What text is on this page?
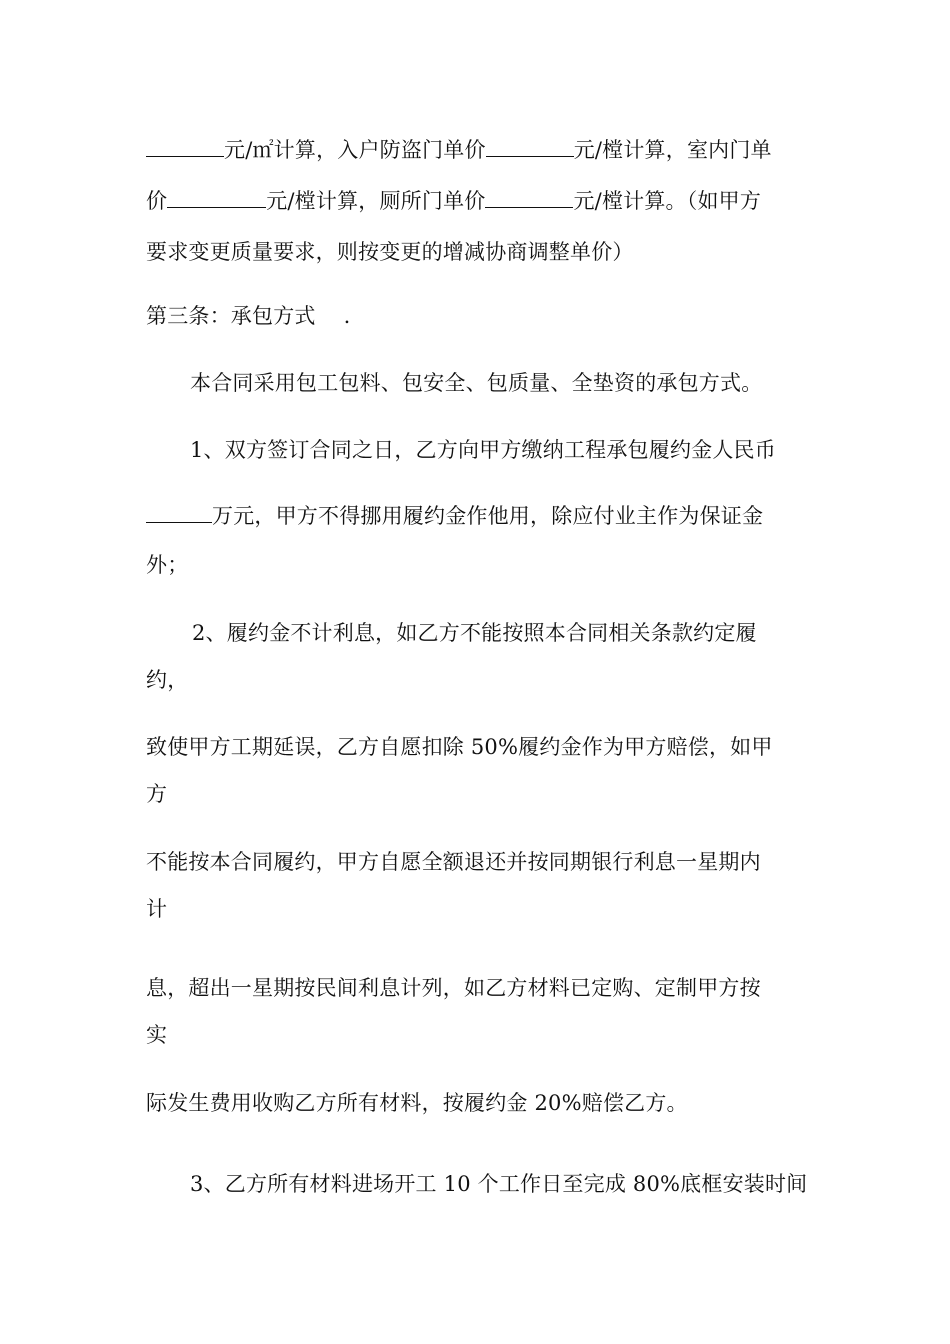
元/㎡计算，入户防盗门单价	元/樘计算，室内门单
价	元/樘计算，厕所门单价	元/樘计算。（如甲方
要求变更质量要求，则按变更的增减协商调整单价）
第三条：承包方式　 .
本合同采用包工包料、包安全、包质量、全垫资的承包方式。
1、双方签订合同之日，乙方向甲方缴纳工程承包履约金人民币
万元，甲方不得挪用履约金作他用，除应付业主作为保证金
外；
2、履约金不计利息，如乙方不能按照本合同相关条款约定履
约，
致使甲方工期延误，乙方自愿扣除 50%履约金作为甲方赔偿，如甲
方
不能按本合同履约，甲方自愿全额退还并按同期银行利息一星期内
计
息，超出一星期按民间利息计列，如乙方材料已定购、定制甲方按
实
际发生费用收购乙方所有材料，按履约金 20%赔偿乙方。
3、乙方所有材料进场开工 10 个工作日至完成 80%底框安装时间
